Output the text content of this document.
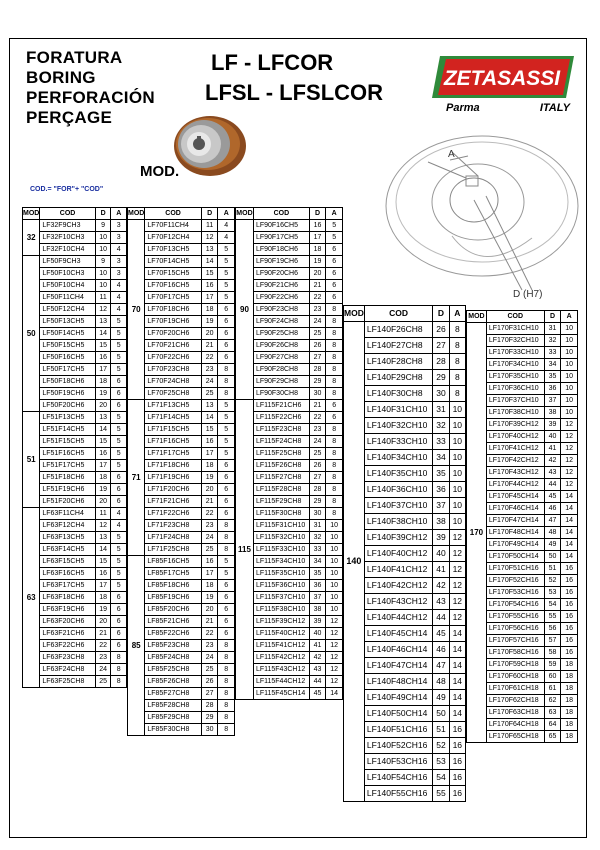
FORATURA
BORING
PERFORACIÓN
PERÇAGE
LF - LFCOR
LFSL - LFSLCOR
ZETASASSI
Parma	ITALY
MOD.
COD.= "FOR"+ "COD"
A
D (H7)
MOD	COD	D	A
32	LF32F9CH3	9	3
	LF32F10CH3	10	3
	LF32F10CH4	10	4
50	LF50F9CH3	9	3
	LF50F10CH3	10	3
	LF50F10CH4	10	4
	LF50F11CH4	11	4
	LF50F12CH4	12	4
	LF50F13CH5	13	5
	LF50F14CH5	14	5
	LF50F15CH5	15	5
	LF50F16CH5	16	5
	LF50F17CH5	17	5
	LF50F18CH6	18	6
	LF50F19CH6	19	6
	LF50F20CH6	20	6
51	LF51F13CH5	13	5
	LF51F14CH5	14	5
	LF51F15CH5	15	5
	LF51F16CH5	16	5
	LF51F17CH5	17	5
	LF51F18CH6	18	6
	LF51F19CH6	19	6
	LF51F20CH6	20	6
63	LF63F11CH4	11	4
	LF63F12CH4	12	4
	LF63F13CH5	13	5
	LF63F14CH5	14	5
	LF63F15CH5	15	5
	LF63F16CH5	16	5
	LF63F17CH5	17	5
	LF63F18CH6	18	6
	LF63F19CH6	19	6
	LF63F20CH6	20	6
	LF63F21CH6	21	6
	LF63F22CH6	22	6
	LF63F23CH8	23	8
	LF63F24CH8	24	8
	LF63F25CH8	25	8
MOD	COD	D	A
70	LF70F11CH4	11	4
	LF70F12CH4	12	4
	LF70F13CH5	13	5
	LF70F14CH5	14	5
	LF70F15CH5	15	5
	LF70F16CH5	16	5
	LF70F17CH5	17	5
	LF70F18CH6	18	6
	LF70F19CH6	19	6
	LF70F20CH6	20	6
	LF70F21CH6	21	6
	LF70F22CH6	22	6
	LF70F23CH8	23	8
	LF70F24CH8	24	8
	LF70F25CH8	25	8
71	LF71F13CH5	13	5
	LF71F14CH5	14	5
	LF71F15CH5	15	5
	LF71F16CH5	16	5
	LF71F17CH5	17	5
	LF71F18CH6	18	6
	LF71F19CH6	19	6
	LF71F20CH6	20	6
	LF71F21CH6	21	6
	LF71F22CH6	22	6
	LF71F23CH8	23	8
	LF71F24CH8	24	8
	LF71F25CH8	25	8
85	LF85F16CH5	16	5
	LF85F17CH5	17	5
	LF85F18CH6	18	6
	LF85F19CH6	19	6
	LF85F20CH6	20	6
	LF85F21CH6	21	6
	LF85F22CH6	22	6
	LF85F23CH8	23	8
	LF85F24CH8	24	8
	LF85F25CH8	25	8
	LF85F26CH8	26	8
	LF85F27CH8	27	8
	LF85F28CH8	28	8
	LF85F29CH8	29	8
	LF85F30CH8	30	8
MOD	COD	D	A
90	LF90F16CH5	16	5
	LF90F17CH5	17	5
	LF90F18CH6	18	6
	LF90F19CH6	19	6
	LF90F20CH6	20	6
	LF90F21CH6	21	6
	LF90F22CH6	22	6
	LF90F23CH8	23	8
	LF90F24CH8	24	8
	LF90F25CH8	25	8
	LF90F26CH8	26	8
	LF90F27CH8	27	8
	LF90F28CH8	28	8
	LF90F29CH8	29	8
	LF90F30CH8	30	8
115	LF115F21CH6	21	6
	LF115F22CH6	22	6
	LF115F23CH8	23	8
	LF115F24CH8	24	8
	LF115F25CH8	25	8
	LF115F26CH8	26	8
	LF115F27CH8	27	8
	LF115F28CH8	28	8
	LF115F29CH8	29	8
	LF115F30CH8	30	8
	LF115F31CH10	31	10
	LF115F32CH10	32	10
	LF115F33CH10	33	10
	LF115F34CH10	34	10
	LF115F35CH10	35	10
	LF115F36CH10	36	10
	LF115F37CH10	37	10
	LF115F38CH10	38	10
	LF115F39CH12	39	12
	LF115F40CH12	40	12
	LF115F41CH12	41	12
	LF115F42CH12	42	12
	LF115F43CH12	43	12
	LF115F44CH12	44	12
	LF115F45CH14	45	14
MOD	COD	D	A
140	LF140F26CH8	26	8
	LF140F27CH8	27	8
	LF140F28CH8	28	8
	LF140F29CH8	29	8
	LF140F30CH8	30	8
	LF140F31CH10	31	10
	LF140F32CH10	32	10
	LF140F33CH10	33	10
	LF140F34CH10	34	10
	LF140F35CH10	35	10
	LF140F36CH10	36	10
	LF140F37CH10	37	10
	LF140F38CH10	38	10
	LF140F39CH12	39	12
	LF140F40CH12	40	12
	LF140F41CH12	41	12
	LF140F42CH12	42	12
	LF140F43CH12	43	12
	LF140F44CH12	44	12
	LF140F45CH14	45	14
	LF140F46CH14	46	14
	LF140F47CH14	47	14
	LF140F48CH14	48	14
	LF140F49CH14	49	14
	LF140F50CH14	50	14
	LF140F51CH16	51	16
	LF140F52CH16	52	16
	LF140F53CH16	53	16
	LF140F54CH16	54	16
	LF140F55CH16	55	16
MOD	COD	D	A
170	LF170F31CH10	31	10
	LF170F32CH10	32	10
	LF170F33CH10	33	10
	LF170F34CH10	34	10
	LF170F35CH10	35	10
	LF170F36CH10	36	10
	LF170F37CH10	37	10
	LF170F38CH10	38	10
	LF170F39CH12	39	12
	LF170F40CH12	40	12
	LF170F41CH12	41	12
	LF170F42CH12	42	12
	LF170F43CH12	43	12
	LF170F44CH12	44	12
	LF170F45CH14	45	14
	LF170F46CH14	46	14
	LF170F47CH14	47	14
	LF170F48CH14	48	14
	LF170F49CH14	49	14
	LF170F50CH14	50	14
	LF170F51CH16	51	16
	LF170F52CH16	52	16
	LF170F53CH16	53	16
	LF170F54CH16	54	16
	LF170F55CH16	55	16
	LF170F56CH16	56	16
	LF170F57CH16	57	16
	LF170F58CH16	58	16
	LF170F59CH18	59	18
	LF170F60CH18	60	18
	LF170F61CH18	61	18
	LF170F62CH18	62	18
	LF170F63CH18	63	18
	LF170F64CH18	64	18
	LF170F65CH18	65	18
